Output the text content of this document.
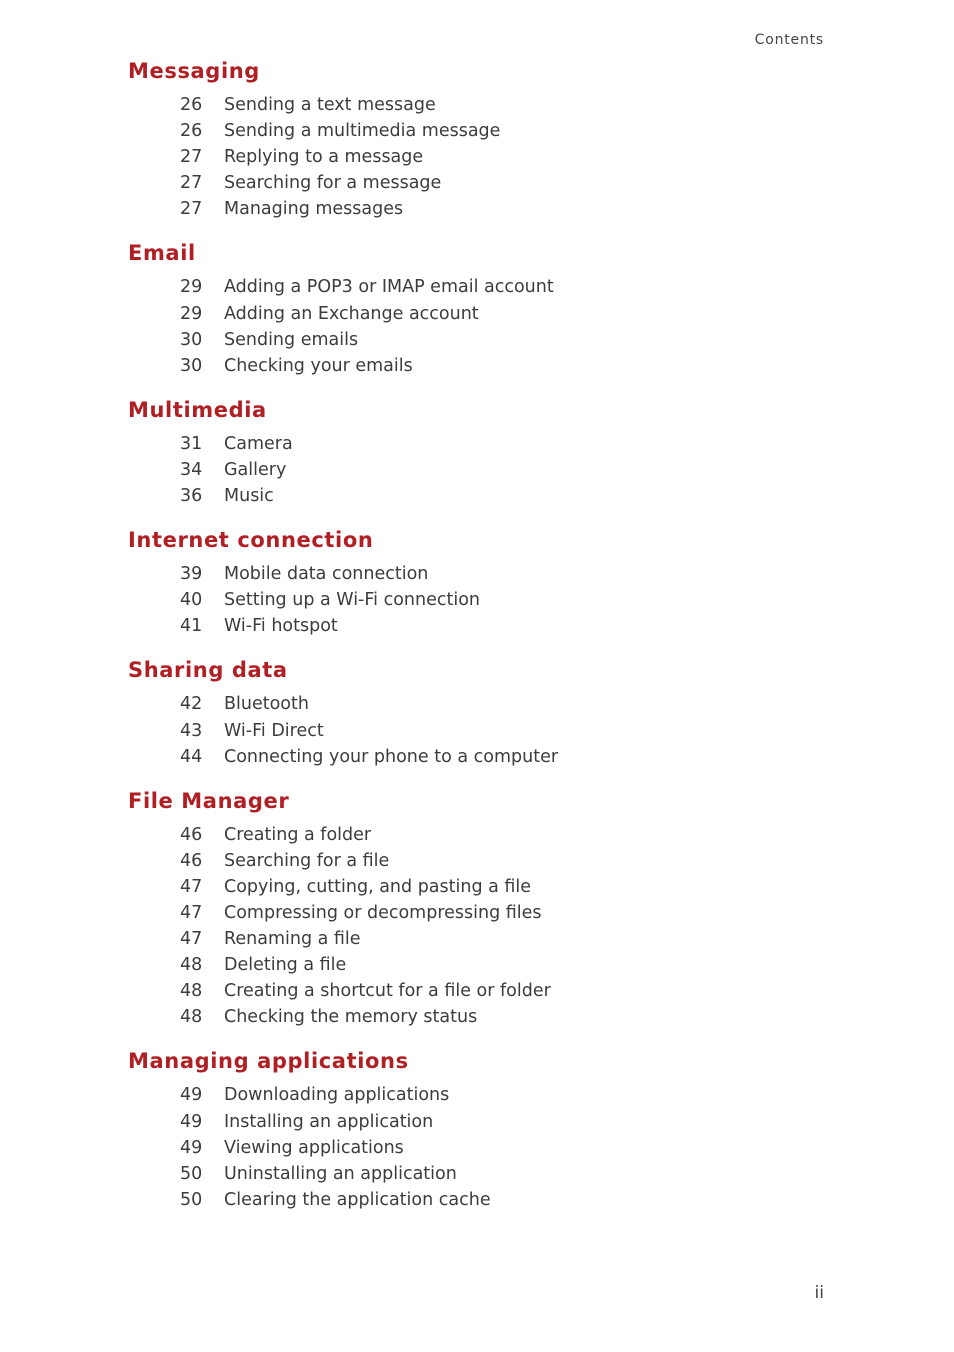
Contents
Messaging
26	Sending a text message
26	Sending a multimedia message
27	Replying to a message
27	Searching for a message
27	Managing messages
Email
29	Adding a POP3 or IMAP email account
29	Adding an Exchange account
30	Sending emails
30	Checking your emails
Multimedia
31	Camera
34	Gallery
36	Music
Internet connection
39	Mobile data connection
40	Setting up a Wi-Fi connection
41	Wi-Fi hotspot
Sharing data
42	Bluetooth
43	Wi-Fi Direct
44	Connecting your phone to a computer
File Manager
46	Creating a folder
46	Searching for a file
47	Copying, cutting, and pasting a file
47	Compressing or decompressing files
47	Renaming a file
48	Deleting a file
48	Creating a shortcut for a file or folder
48	Checking the memory status
Managing applications
49	Downloading applications
49	Installing an application
49	Viewing applications
50	Uninstalling an application
50	Clearing the application cache
ii
